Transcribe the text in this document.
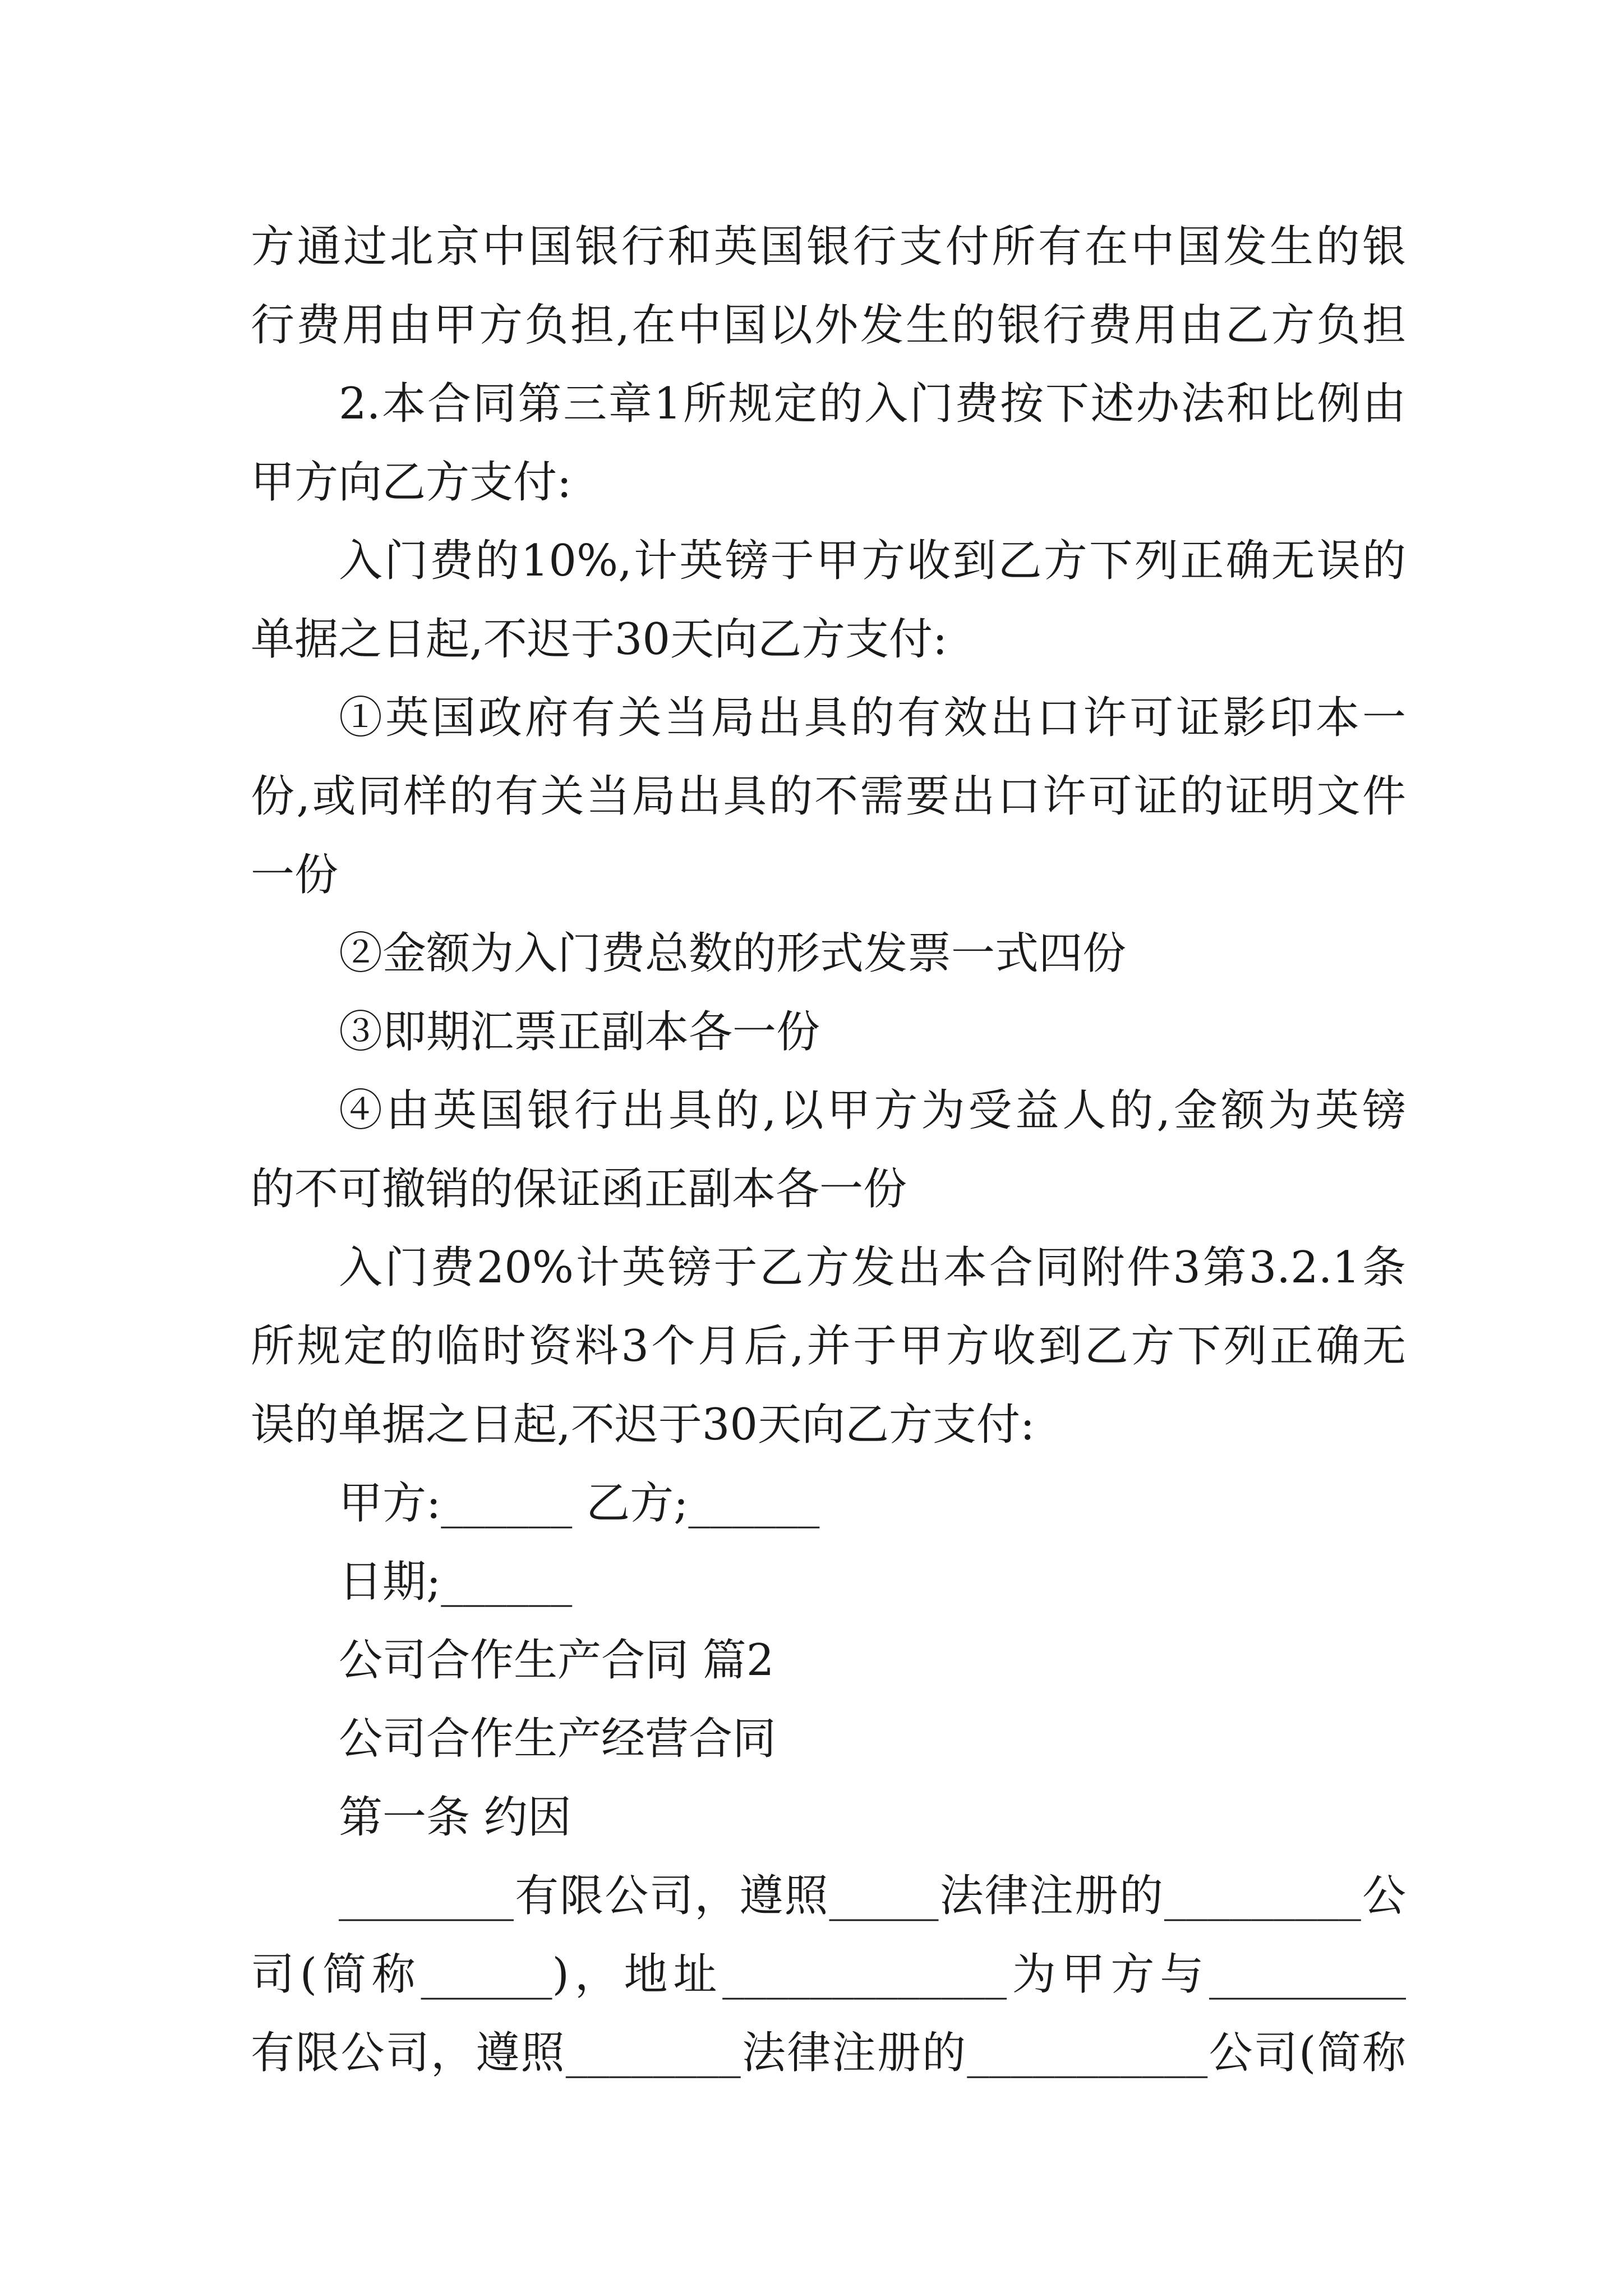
方通过北京中国银行和英国银行支付所有在中国发生的银
行费用由甲方负担,在中国以外发生的银行费用由乙方负担
2.本合同第三章1所规定的入门费按下述办法和比例由
甲方向乙方支付:
入门费的10%,计英镑于甲方收到乙方下列正确无误的
单据之日起,不迟于30天向乙方支付:
①英国政府有关当局出具的有效出口许可证影印本一
份,或同样的有关当局出具的不需要出口许可证的证明文件
一份
②金额为入门费总数的形式发票一式四份
③即期汇票正副本各一份
④由英国银行出具的,以甲方为受益人的,金额为英镑
的不可撤销的保证函正副本各一份
入门费20%计英镑于乙方发出本合同附件3第3.2.1条
所规定的临时资料3个月后,并于甲方收到乙方下列正确无
误的单据之日起,不迟于30天向乙方支付:
甲方:______ 乙方;______
日期;______
公司合作生产合同 篇2
公司合作生产经营合同
第一条 约因
________有限公司，遵照_____法律注册的_________公
司(简称______)，地址_____________为甲方与_________
有限公司，遵照________法律注册的___________公司(简称
